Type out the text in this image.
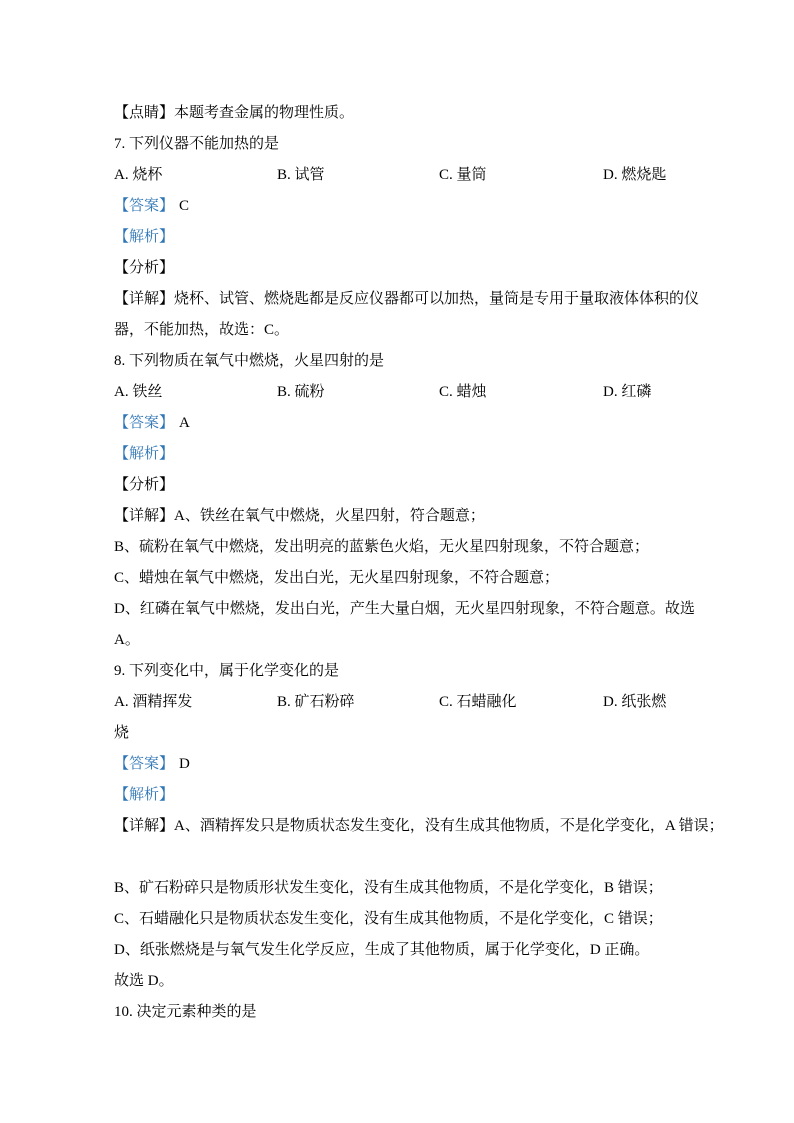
【点睛】本题考查金属的物理性质。

7. 下列仪器不能加热的是

A. 烧杯	B. 试管	C. 量筒	D. 燃烧匙

【答案】 C

【解析】

【分析】

【详解】烧杯、试管、燃烧匙都是反应仪器都可以加热，量筒是专用于量取液体体积的仪

器，不能加热，故选：C。

8. 下列物质在氧气中燃烧，火星四射的是

A. 铁丝	B. 硫粉	C. 蜡烛	D. 红磷

【答案】 A

【解析】

【分析】

【详解】A、铁丝在氧气中燃烧，火星四射，符合题意；

B、硫粉在氧气中燃烧，发出明亮的蓝紫色火焰，无火星四射现象，不符合题意；

C、蜡烛在氧气中燃烧，发出白光，无火星四射现象，不符合题意；

D、红磷在氧气中燃烧，发出白光，产生大量白烟，无火星四射现象，不符合题意。故选

A。

9. 下列变化中，属于化学变化的是

A. 酒精挥发	B. 矿石粉碎	C. 石蜡融化	D. 纸张燃

烧

【答案】 D

【解析】

【详解】A、酒精挥发只是物质状态发生变化，没有生成其他物质，不是化学变化，A 错误；

B、矿石粉碎只是物质形状发生变化，没有生成其他物质，不是化学变化，B 错误；

C、石蜡融化只是物质状态发生变化，没有生成其他物质，不是化学变化，C 错误；

D、纸张燃烧是与氧气发生化学反应，生成了其他物质，属于化学变化，D 正确。

故选 D。

10. 决定元素种类的是
